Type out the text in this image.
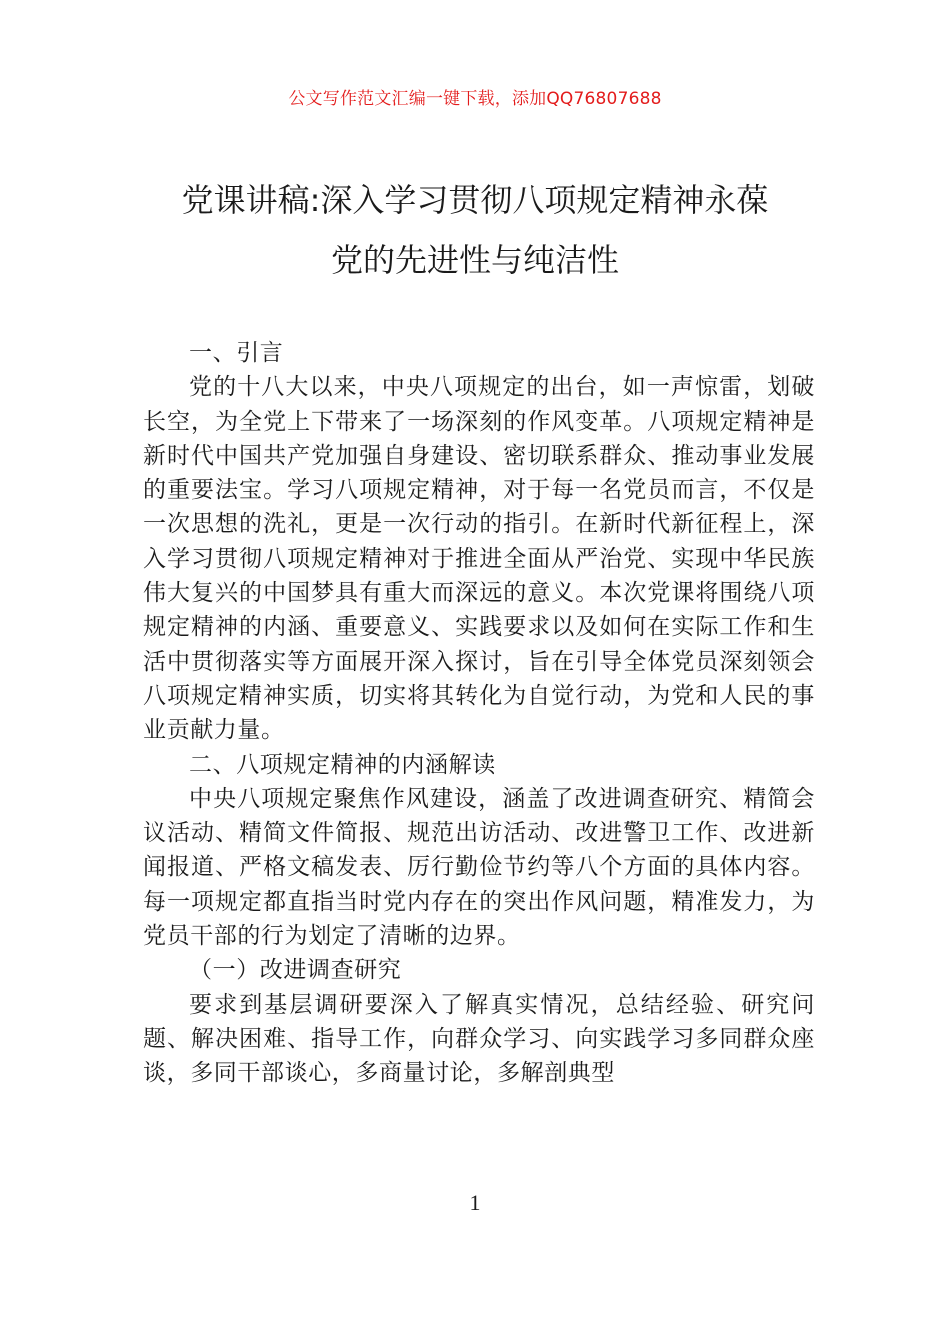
公文写作范文汇编一键下载，添加QQ76807688
党课讲稿:深入学习贯彻八项规定精神永葆
党的先进性与纯洁性

一、引言

党的十八大以来，中央八项规定的出台，如一声惊雷，划破长空，为全党上下带来了一场深刻的作风变革。八项规定精神是新时代中国共产党加强自身建设、密切联系群众、推动事业发展的重要法宝。学习八项规定精神，对于每一名党员而言，不仅是一次思想的洗礼，更是一次行动的指引。在新时代新征程上，深入学习贯彻八项规定精神对于推进全面从严治党、实现中华民族伟大复兴的中国梦具有重大而深远的意义。本次党课将围绕八项规定精神的内涵、重要意义、实践要求以及如何在实际工作和生活中贯彻落实等方面展开深入探讨，旨在引导全体党员深刻领会八项规定精神实质，切实将其转化为自觉行动，为党和人民的事业贡献力量。

二、八项规定精神的内涵解读

中央八项规定聚焦作风建设，涵盖了改进调查研究、精简会议活动、精简文件简报、规范出访活动、改进警卫工作、改进新闻报道、严格文稿发表、厉行勤俭节约等八个方面的具体内容。每一项规定都直指当时党内存在的突出作风问题，精准发力，为党员干部的行为划定了清晰的边界。

（一）改进调查研究

要求到基层调研要深入了解真实情况，总结经验、研究问题、解决困难、指导工作，向群众学习、向实践学习多同群众座谈，多同干部谈心，多商量讨论，多解剖典型

1
